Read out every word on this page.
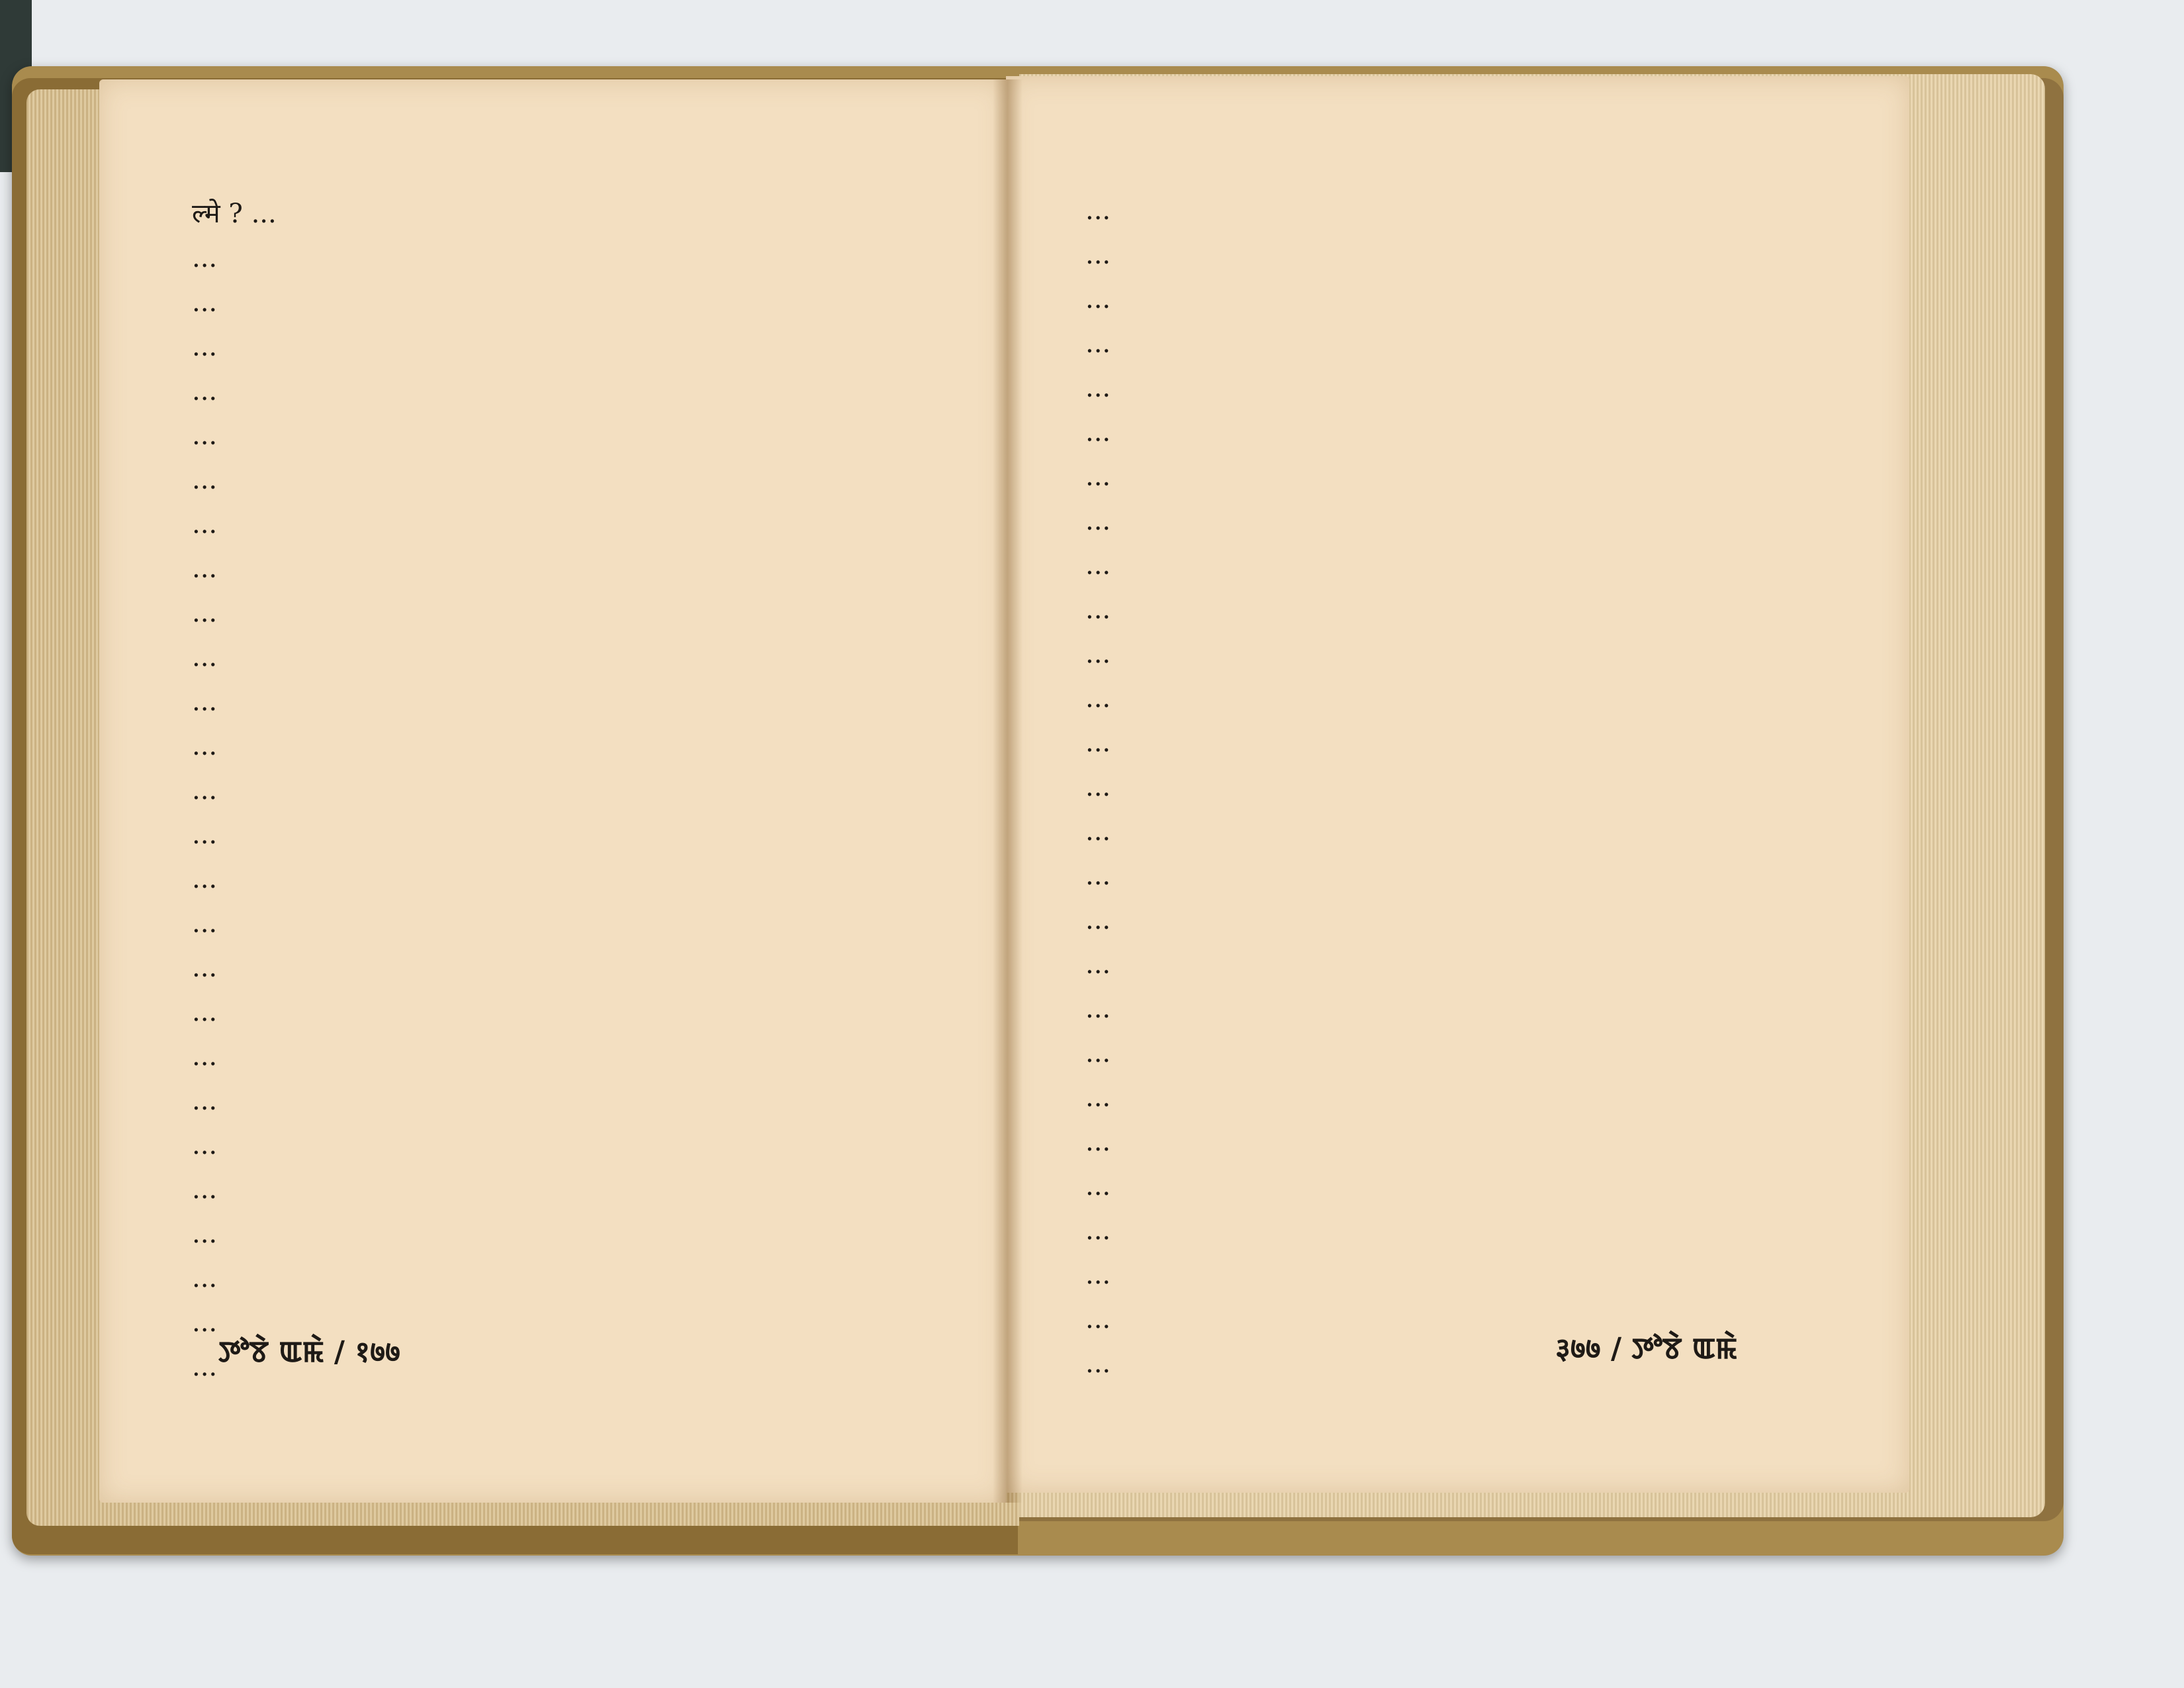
ल्‍मे ? ...
...
...
...
...
...
...
...
...
...
...
...
...
...
...
...
...
...
...
...
...
...
...
...
...
...
...
...
...
...
...
...
...
...
...
...
...
...
...
...
...
...
...
...
...
...
...
...
...
...
...
...
...
...
ꯇꯣꯕꯥ ꯑꯃꯥ / १७७	३७७ / ꯇꯣꯕꯥ ꯑꯃꯥ
